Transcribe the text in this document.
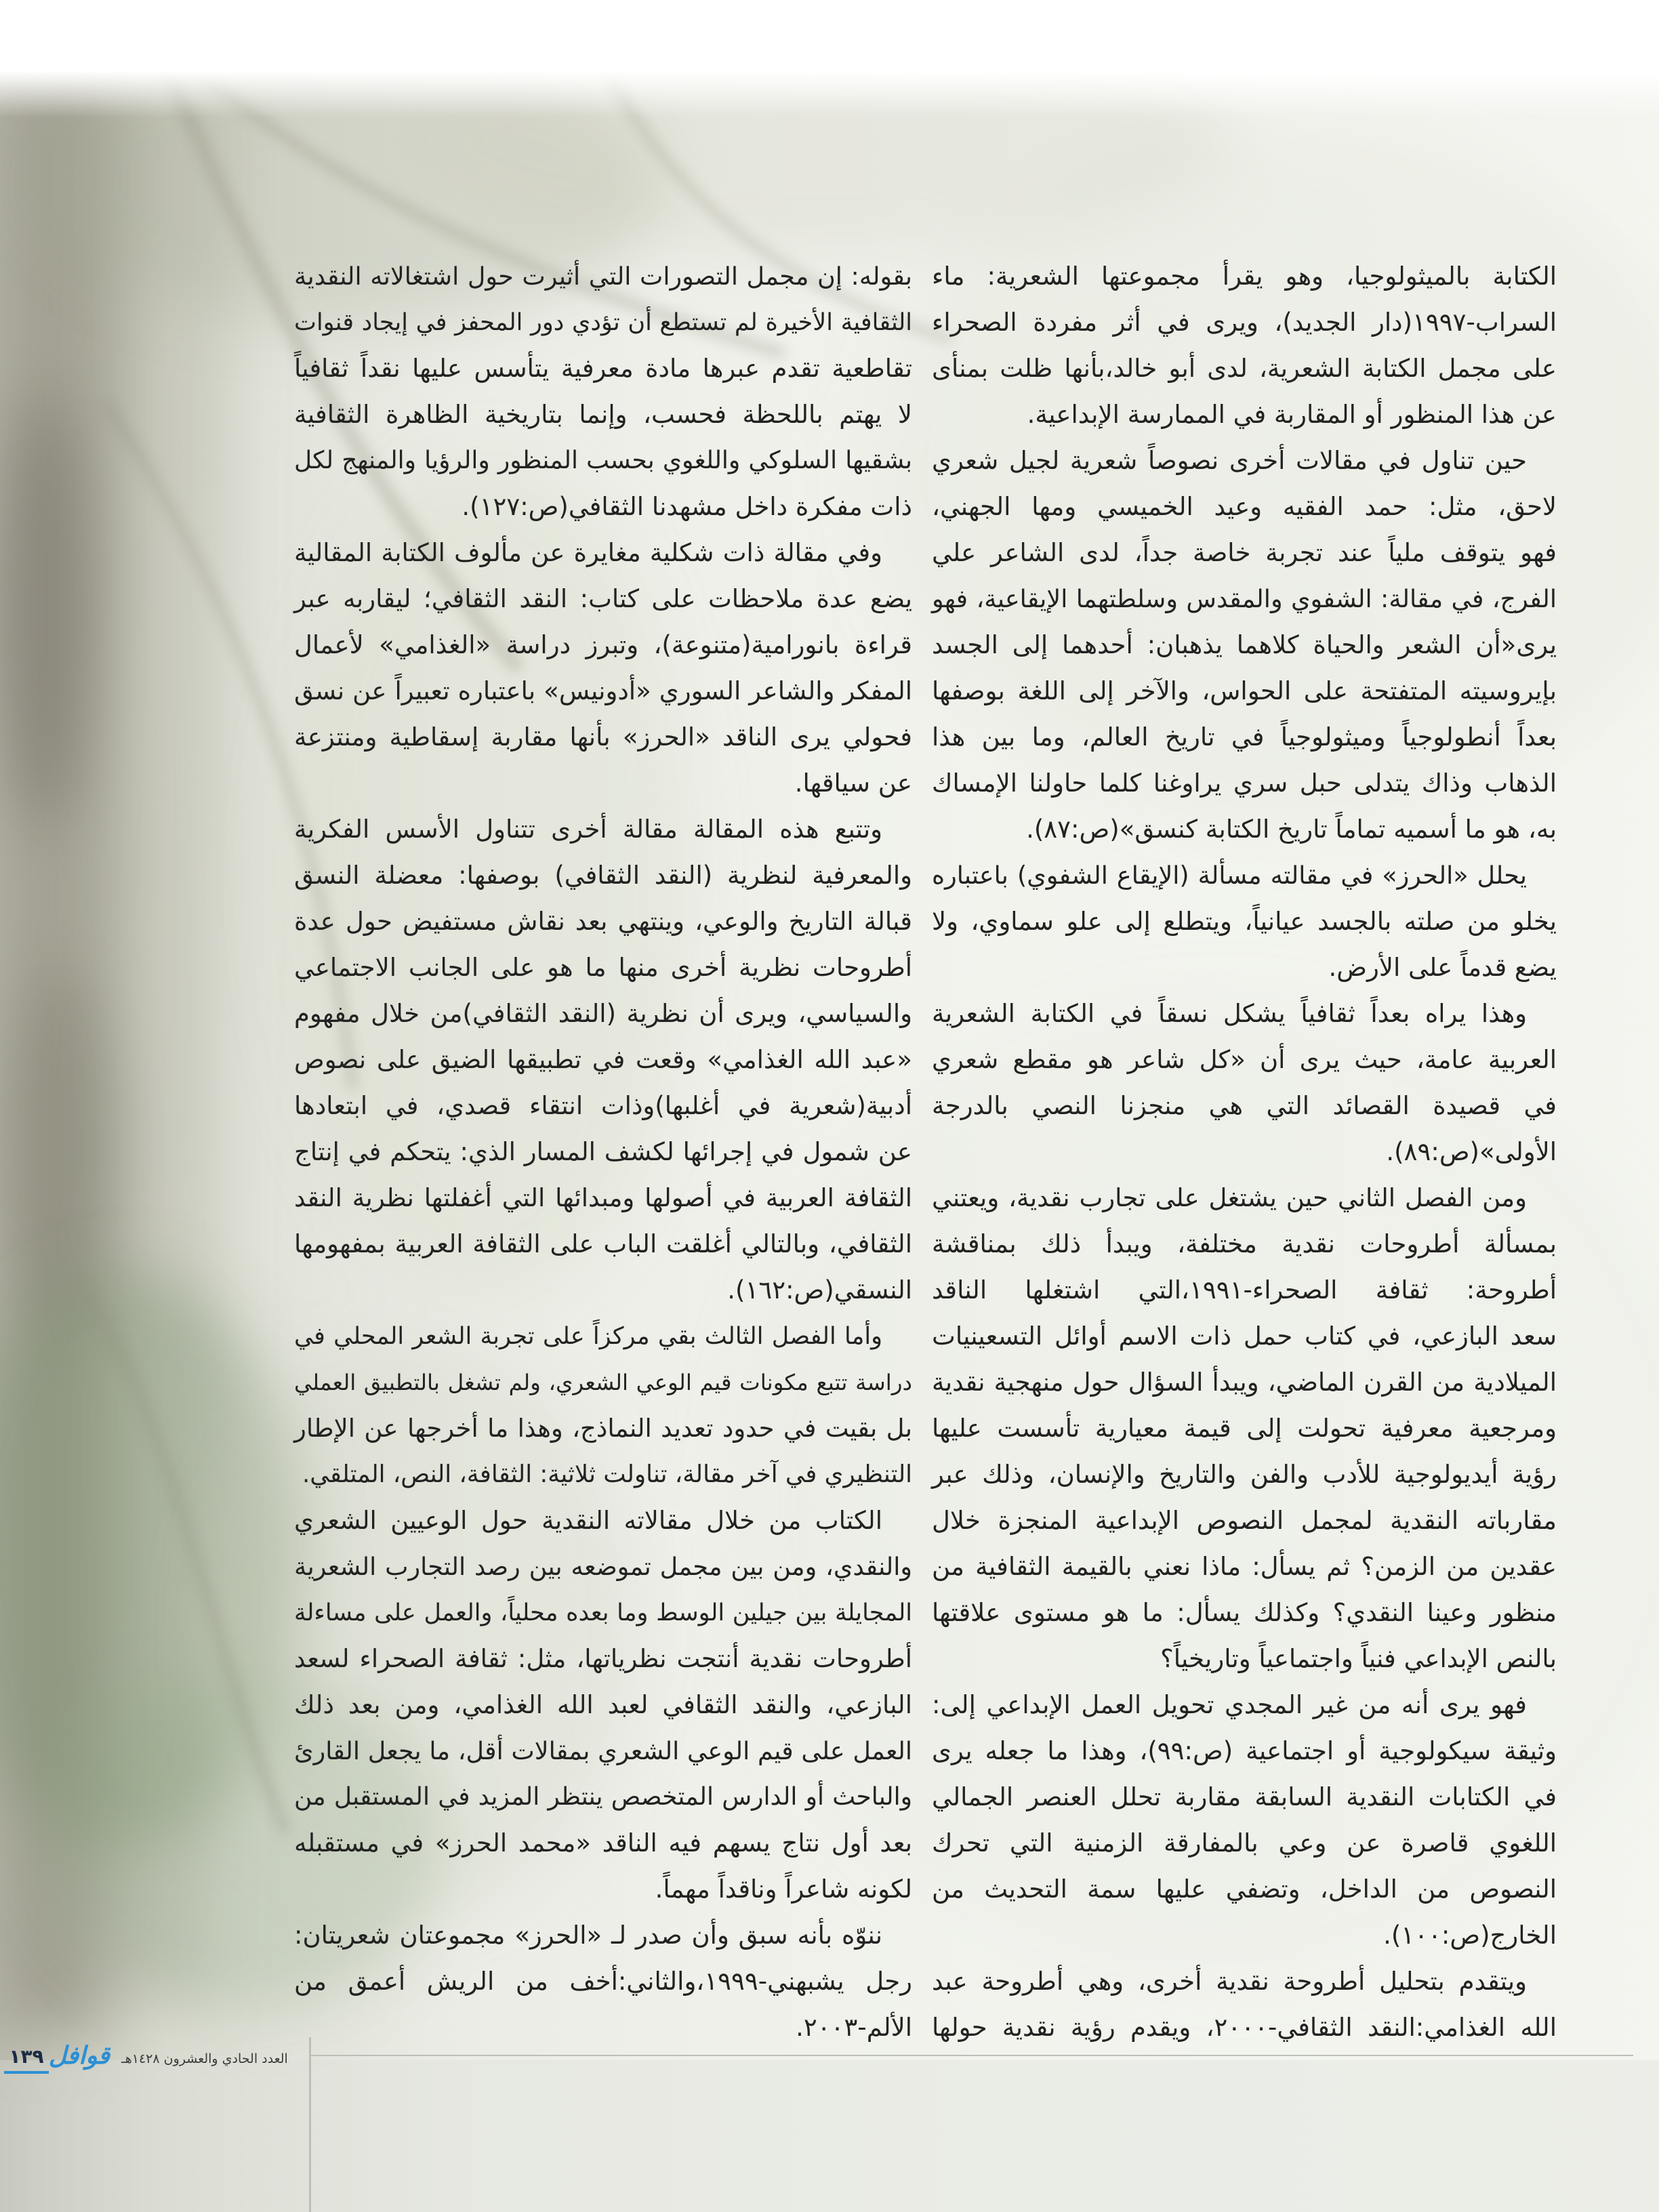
الكتابة بالميثولوجيا، وهو يقرأ مجموعتها الشعرية: ماء
السراب-١٩٩٧(دار الجديد)، ويرى في أثر مفردة الصحراء
على مجمل الكتابة الشعرية، لدى أبو خالد،بأنها ظلت بمنأى
عن هذا المنظور أو المقاربة في الممارسة الإبداعية.
حين تناول في مقالات أخرى نصوصاً شعرية لجيل شعري
لاحق، مثل: حمد الفقيه وعيد الخميسي ومها الجهني،
فهو يتوقف ملياً عند تجربة خاصة جداً، لدى الشاعر علي
الفرج، في مقالة: الشفوي والمقدس وسلطتهما الإيقاعية، فهو
يرى«أن الشعر والحياة كلاهما يذهبان: أحدهما إلى الجسد
بإيروسيته المتفتحة على الحواس، والآخر إلى اللغة بوصفها
بعداً أنطولوجياً وميثولوجياً في تاريخ العالم، وما بين هذا
الذهاب وذاك يتدلى حبل سري يراوغنا كلما حاولنا الإمساك
به، هو ما أسميه تماماً تاريخ الكتابة كنسق»(ص:٨٧).
يحلل «الحرز» في مقالته مسألة (الإيقاع الشفوي) باعتباره
يخلو من صلته بالجسد عيانياً، ويتطلع إلى علو سماوي، ولا
يضع قدماً على الأرض.
وهذا يراه بعداً ثقافياً يشكل نسقاً في الكتابة الشعرية
العربية عامة، حيث يرى أن «كل شاعر هو مقطع شعري
في قصيدة القصائد التي هي منجزنا النصي بالدرجة
الأولى»(ص:٨٩).
ومن الفصل الثاني حين يشتغل على تجارب نقدية، ويعتني
بمسألة أطروحات نقدية مختلفة، ويبدأ ذلك بمناقشة
أطروحة: ثقافة الصحراء-١٩٩١،التي اشتغلها الناقد
سعد البازعي، في كتاب حمل ذات الاسم أوائل التسعينيات
الميلادية من القرن الماضي، ويبدأ السؤال حول منهجية نقدية
ومرجعية معرفية تحولت إلى قيمة معيارية تأسست عليها
رؤية أيديولوجية للأدب والفن والتاريخ والإنسان، وذلك عبر
مقارباته النقدية لمجمل النصوص الإبداعية المنجزة خلال
عقدين من الزمن؟ ثم يسأل: ماذا نعني بالقيمة الثقافية من
منظور وعينا النقدي؟ وكذلك يسأل: ما هو مستوى علاقتها
بالنص الإبداعي فنياً واجتماعياً وتاريخياً؟
فهو يرى أنه من غير المجدي تحويل العمل الإبداعي إلى:
وثيقة سيكولوجية أو اجتماعية (ص:٩٩)، وهذا ما جعله يرى
في الكتابات النقدية السابقة مقاربة تحلل العنصر الجمالي
اللغوي قاصرة عن وعي بالمفارقة الزمنية التي تحرك
النصوص من الداخل، وتضفي عليها سمة التحديث من
الخارج(ص:١٠٠).
ويتقدم بتحليل أطروحة نقدية أخرى، وهي أطروحة عبد
الله الغذامي:النقد الثقافي-٢٠٠٠، ويقدم رؤية نقدية حولها
بقوله: إن مجمل التصورات التي أثيرت حول اشتغالاته النقدية
الثقافية الأخيرة لم تستطع أن تؤدي دور المحفز في إيجاد قنوات
تقاطعية تقدم عبرها مادة معرفية يتأسس عليها نقداً ثقافياً
لا يهتم باللحظة فحسب، وإنما بتاريخية الظاهرة الثقافية
بشقيها السلوكي واللغوي بحسب المنظور والرؤيا والمنهج لكل
ذات مفكرة داخل مشهدنا الثقافي(ص:١٢٧).
وفي مقالة ذات شكلية مغايرة عن مألوف الكتابة المقالية
يضع عدة ملاحظات على كتاب: النقد الثقافي؛ ليقاربه عبر
قراءة بانورامية(متنوعة)، وتبرز دراسة «الغذامي» لأعمال
المفكر والشاعر السوري «أدونيس» باعتباره تعبيراً عن نسق
فحولي يرى الناقد «الحرز» بأنها مقاربة إسقاطية ومنتزعة
عن سياقها.
وتتبع هذه المقالة مقالة أخرى تتناول الأسس الفكرية
والمعرفية لنظرية (النقد الثقافي) بوصفها: معضلة النسق
قبالة التاريخ والوعي، وينتهي بعد نقاش مستفيض حول عدة
أطروحات نظرية أخرى منها ما هو على الجانب الاجتماعي
والسياسي، ويرى أن نظرية (النقد الثقافي)من خلال مفهوم
«عبد الله الغذامي» وقعت في تطبيقها الضيق على نصوص
أدبية(شعرية في أغلبها)وذات انتقاء قصدي، في ابتعادها
عن شمول في إجرائها لكشف المسار الذي: يتحكم في إنتاج
الثقافة العربية في أصولها ومبدائها التي أغفلتها نظرية النقد
الثقافي، وبالتالي أغلقت الباب على الثقافة العربية بمفهومها
النسقي(ص:١٦٢).
وأما الفصل الثالث بقي مركزاً على تجربة الشعر المحلي في
دراسة تتبع مكونات قيم الوعي الشعري، ولم تشغل بالتطبيق العملي
بل بقيت في حدود تعديد النماذج، وهذا ما أخرجها عن الإطار
التنظيري في آخر مقالة، تناولت ثلاثية: الثقافة، النص، المتلقي.
الكتاب من خلال مقالاته النقدية حول الوعيين الشعري
والنقدي، ومن بين مجمل تموضعه بين رصد التجارب الشعرية
المجايلة بين جيلين الوسط وما بعده محلياً، والعمل على مساءلة
أطروحات نقدية أنتجت نظرياتها، مثل: ثقافة الصحراء لسعد
البازعي، والنقد الثقافي لعبد الله الغذامي، ومن بعد ذلك
العمل على قيم الوعي الشعري بمقالات أقل، ما يجعل القارئ
والباحث أو الدارس المتخصص ينتظر المزيد في المستقبل من
بعد أول نتاج يسهم فيه الناقد «محمد الحرز» في مستقبله
لكونه شاعراً وناقداً مهماً.
ننوّه بأنه سبق وأن صدر لـ «الحرز» مجموعتان شعريتان:
رجل يشبهني-١٩٩٩،والثاني:أخف من الريش أعمق من
الألم-٢٠٠٣.
١٣٩ قوافل العدد الحادي والعشرون ١٤٢٨هـ
